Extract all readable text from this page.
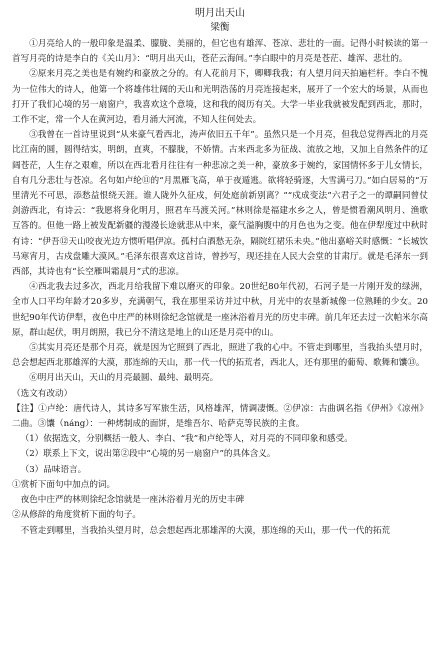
明月出天山
梁衡

①月亮给人的一般印象是温柔、朦胧、美丽的，但它也有雄浑、苍凉、悲壮的一面。记得小时候读的第一首写月亮的诗是李白的《关山月》：“明月出天山，苍茫云海间。”李白眼中的月亮是苍茫、雄浑、悲壮的。

②原来月亮之美也是有婉约和豪放之分的。有人花前月下，卿卿我我；有人望月问天拍遍栏杆。李白不愧为一位伟大的诗人，他第一个将雄伟壮阔的天山和光明浩荡的月亮连接起来，展开了一个宏大的场景，从而也打开了我们心境的另一扇窗户，我喜欢这个意境，这和我的阅历有关。大学一毕业我就被发配到西北，那时，工作不定，常一个人在黄河边，看月涌大河流，不知人往何处去。

③我曾在一首诗里说到“从来豪气看西北，涛声依旧五千年”。虽然只是一个月亮，但我总觉得西北的月亮比江南的圆，圆得结实，明朗，直爽，不朦胧，不娇情。古来西北多为征战、流放之地，又加上自然条件的辽阔苍茫，人生存之艰难，所以在西北看月往往有一种悲凉之美一种，豪放多于婉约，家国情怀多于儿女情长，自有几分悲壮与苍凉。名句如卢纶⑪的“月黑雁飞高，单于夜遁逃。欲将轻骑逐，大雪满弓刀。”如白居易的“万里清光不可思，添愁益恨绕天涯。谁人陇外久征戍，何处庭前新别离？”“戍成变法”六君子之一的谭嗣同曾仗剑游西北，有诗云：“我愿将身化明月，照君车马渡关河。”林则徐是福建水乡之人，曾是惯看潮风明月、渔歌互答的。但他一路上被发配新疆的漫漫长途就悲从中来，豪气溢胸腹中的月色也为之变。他在伊犁度过中秋时有诗：“伊吾⑫天山咬夜光边方惯听唱伊凉。孤村白酒愁无杂，隔院红裙乐未央。”他出嘉峪关时感慨：“长城饮马寒宵月，古戍盘雕大漠风。”毛泽东很喜欢这首诗，曾抄写，现还挂在人民大会堂的甘肃厅。就是毛泽东一到西部，其诗也有“长空雁叫霜晨月”式的悲凉。

④西北我去过多次，西北月给我留下难以磨灭的印象。20世纪80年代初，石河子是一片刚开发的绿洲，全市人口平均年龄才20多岁，充满朝气，我在那里采访并过中秋，月光中的农垦新城像一位熟睡的少女。20世纪90年代访伊犁，夜色中庄严的林则徐纪念馆就是一座沐浴着月光的历史丰碑。前几年还去过一次帕米尔高原，群山起伏，明月朗照，我已分不清这是地上的山还是月亮中的山。

⑤其实月亮还是那个月亮，就是因为它照到了西北，照进了我的心中。不管走到哪里，当我抬头望月时，总会想起西北那雄浑的大漠，那连绵的天山，那一代一代的拓荒者，西北人，还有那里的葡萄、歌舞和馕⑬。

⑥明月出天山，天山的月亮最圆、最纯、最明亮。

（选文有改动）

【注】①卢纶：唐代诗人，其诗多写军旅生活，风格雄浑，情调凄慨。②伊凉：古曲调名指《伊州》《凉州》二曲。③馕（náng）：一种烤制成的面饼，是维吾尔、哈萨克等民族的主食。

（1）依据选文，分别概括一般人、李白、“我”和卢纶等人，对月亮的不同印象和感受。

（2）联系上下文，说出第②段中“心境的另一扇窗户”的具体含义。

（3）品味语言。

①赏析下面句中加点的词。

夜色中庄严的林则徐纪念馆就是一座沐浴着月光的历史丰碑

②从修辞的角度赏析下面的句子。

不管走到哪里，当我抬头望月时，总会想起西北那雄浑的大漠，那连绵的天山，那一代一代的拓荒
